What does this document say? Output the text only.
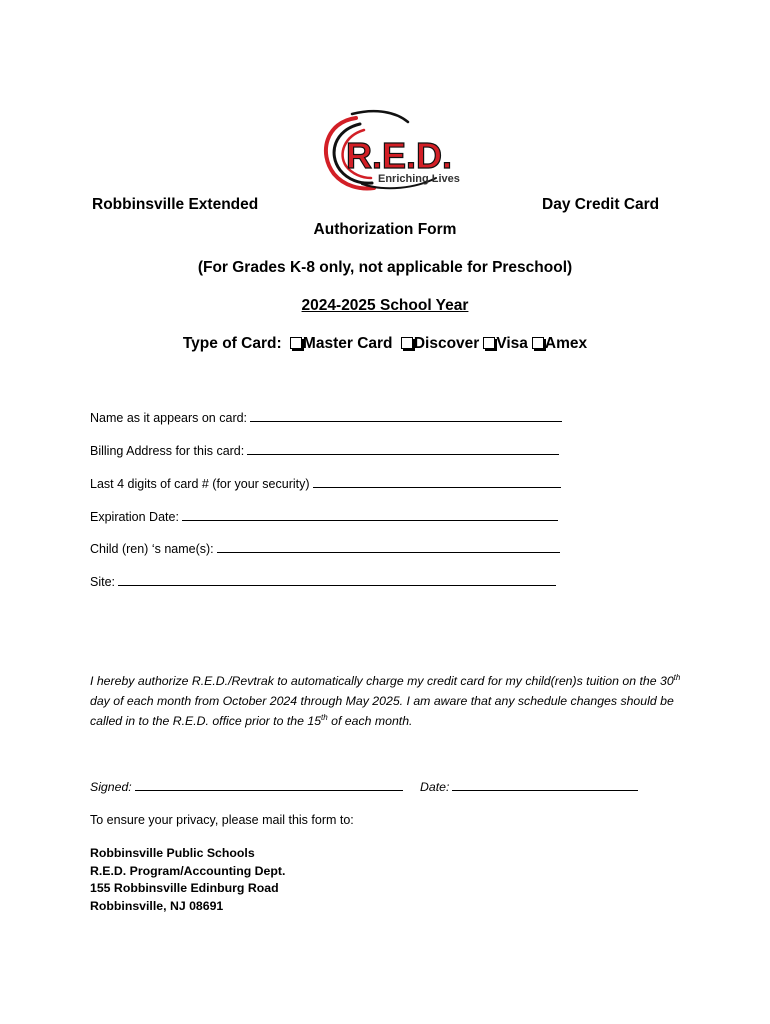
R.E.D.
Enriching Lives
Robbinsville Extended	Day Credit Card
Authorization Form
(For Grades K-8 only, not applicable for Preschool)
2024-2025 School Year
Type of Card: Master Card Discover Visa Amex
Name as it appears on card:
Billing Address for this card:
Last 4 digits of card # (for your security)
Expiration Date:
Child (ren) ‘s name(s):
Site:
I hereby authorize R.E.D./Revtrak to automatically charge my credit card for my child(ren)s tuition on the 30th day of each month from October 2024 through May 2025. I am aware that any schedule changes should be called in to the R.E.D. office prior to the 15th of each month.
Signed:	Date:
To ensure your privacy, please mail this form to:
Robbinsville Public Schools
R.E.D. Program/Accounting Dept.
155 Robbinsville Edinburg Road
Robbinsville, NJ 08691
